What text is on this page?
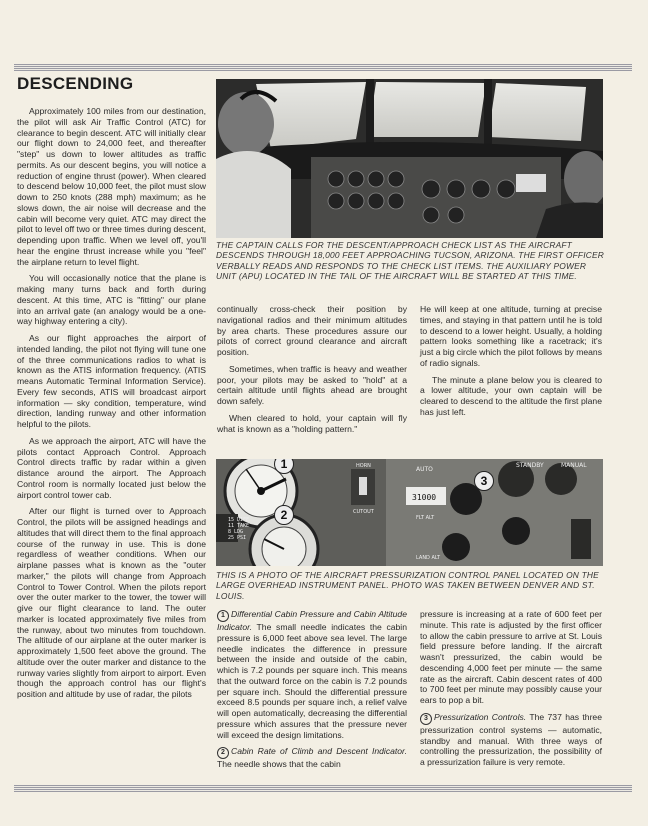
DESCENDING

Approximately 100 miles from our destination, the pilot will ask Air Traffic Control (ATC) for clearance to begin descent. ATC will initially clear our flight down to 24,000 feet, and thereafter "step" us down to lower altitudes as traffic permits. As our descent begins, you will notice a reduction of engine thrust (power). When cleared to descend below 10,000 feet, the pilot must slow down to 250 knots (288 mph) maximum; as he slows down, the air noise will decrease and the cabin will become very quiet. ATC may direct the pilot to level off two or three times during descent, depending upon traffic. When we level off, you'll hear the engine thrust increase while you "feel" the airplane return to level flight.

You will occasionally notice that the plane is making many turns back and forth during descent. At this time, ATC is "fitting" our plane into an arrival gate (an analogy would be a one-way highway entering a city).

As our flight approaches the airport of intended landing, the pilot not flying will tune one of the three communications radios to what is known as the ATIS information frequency. (ATIS means Automatic Terminal Information Service). Every few seconds, ATIS will broadcast airport information — sky condition, temperature, wind direction, landing runway and other information helpful to the pilots.

As we approach the airport, ATC will have the pilots contact Approach Control. Approach Control directs traffic by radar within a given distance around the airport. The Approach Control room is normally located just below the airport control tower cab.

After our flight is turned over to Approach Control, the pilots will be assigned headings and altitudes that will direct them to the final approach course of the runway in use. This is done regardless of weather conditions. When our airplane passes what is known as the "outer marker," the pilots will change from Approach Control to Tower Control. When the pilots report over the outer marker to the tower, the tower will give our flight clearance to land. The outer marker is located approximately five miles from the runway, about two minutes from touchdown. The altitude of our airplane at the outer marker is approximately 1,500 feet above the ground. The altitude over the outer marker and distance to the runway varies slightly from airport to airport. Even though the approach control has our flight's position and altitude by use of radar, the pilots

THE CAPTAIN CALLS FOR THE DESCENT/APPROACH CHECK LIST AS THE AIRCRAFT DESCENDS THROUGH 18,000 FEET APPROACHING TUCSON, ARIZONA. THE FIRST OFFICER VERBALLY READS AND RESPONDS TO THE CHECK LIST ITEMS. THE AUXILIARY POWER UNIT (APU) LOCATED IN THE TAIL OF THE AIRCRAFT WILL BE STARTED AT THIS TIME.

continually cross-check their position by navigational radios and their minimum altitudes by area charts. These procedures assure our pilots of correct ground clearance and aircraft position.

Sometimes, when traffic is heavy and weather poor, your pilots may be asked to "hold" at a certain altitude until flights ahead are brought down safely.

When cleared to hold, your captain will fly what is known as a "holding pattern."

He will keep at one altitude, turning at precise times, and staying in that pattern until he is told to descend to a lower height. Usually, a holding pattern looks something like a racetrack; it's just a big circle which the pilot follows by means of radio signals.

The minute a plane below you is cleared to a lower altitude, your own captain will be cleared to descend to the altitude the first plane has just left.

15 DIFF
11 TAKE
8 LDG
25 PSI
HORN
CUTOUT
AUTO
31000
FLT ALT
LAND ALT
STANDBY	MANUAL
1
2
3

THIS IS A PHOTO OF THE AIRCRAFT PRESSURIZATION CONTROL PANEL LOCATED ON THE LARGE OVERHEAD INSTRUMENT PANEL. PHOTO WAS TAKEN BETWEEN DENVER AND ST. LOUIS.

1 Differential Cabin Pressure and Cabin Altitude Indicator. The small needle indicates the cabin pressure is 6,000 feet above sea level. The large needle indicates the difference in pressure between the inside and outside of the cabin, which is 7.2 pounds per square inch. This means that the outward force on the cabin is 7.2 pounds per square inch. Should the differential pressure exceed 8.5 pounds per square inch, a relief valve will open automatically, decreasing the differential pressure which assures that the pressure never will exceed the design limitations.

2 Cabin Rate of Climb and Descent Indicator. The needle shows that the cabin

pressure is increasing at a rate of 600 feet per minute. This rate is adjusted by the first officer to allow the cabin pressure to arrive at St. Louis field pressure before landing. If the aircraft wasn't pressurized, the cabin would be descending 4,000 feet per minute — the same rate as the aircraft. Cabin descent rates of 400 to 700 feet per minute may possibly cause your ears to pop a bit.

3 Pressurization Controls. The 737 has three pressurization control systems — automatic, standby and manual. With three ways of controlling the pressurization, the possibility of a pressurization failure is very remote.
